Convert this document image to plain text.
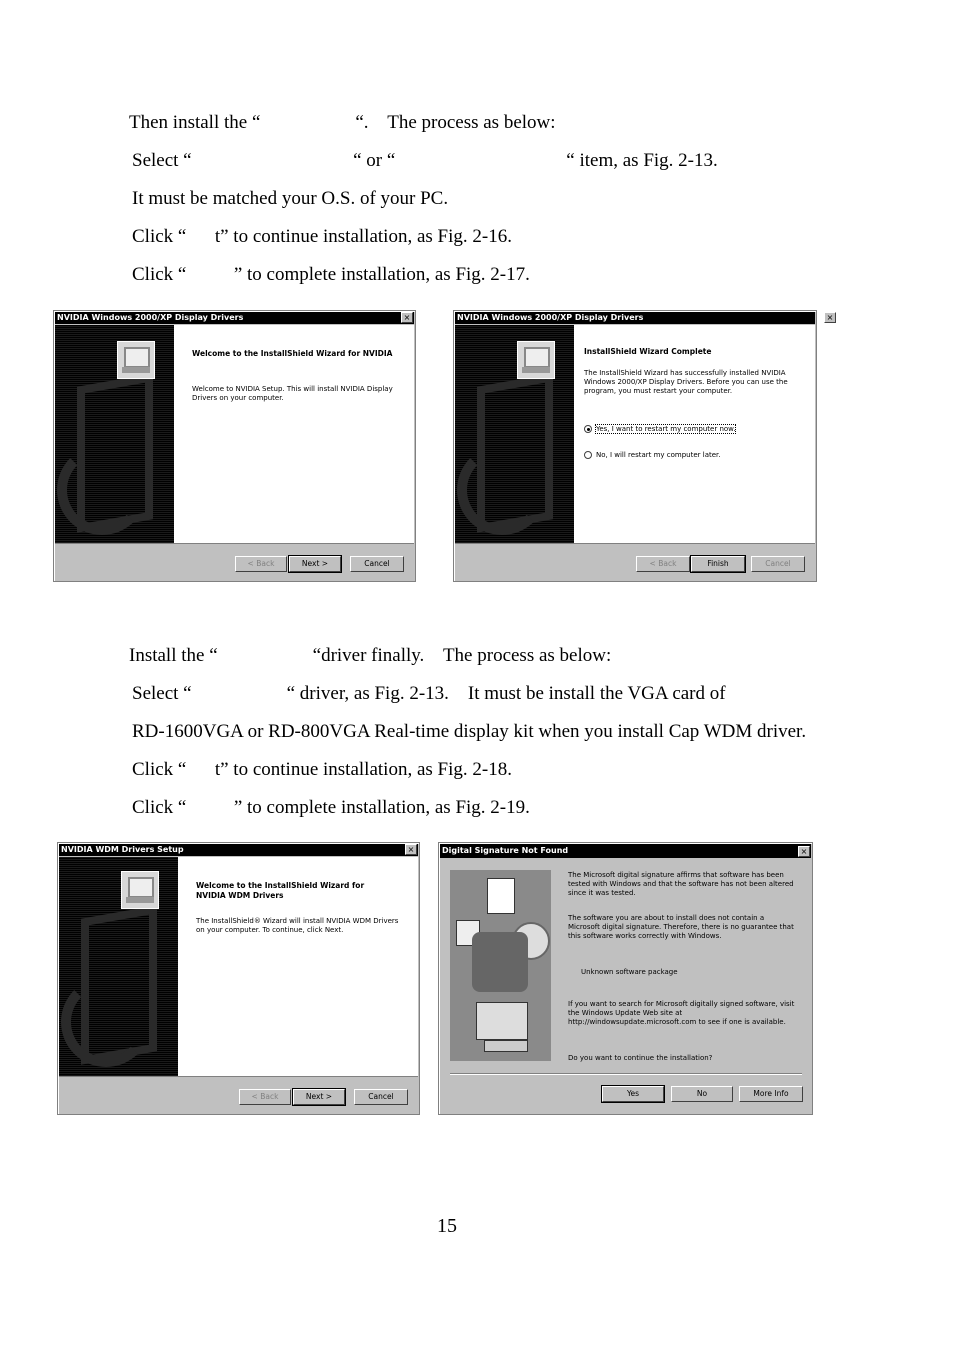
Then install the “                    “.    The process as below:
Select “                                  “ or “                                    “ item, as Fig. 2-13.
It must be matched your O.S. of your PC.
Click “      t” to continue installation, as Fig. 2-16.
Click “          ” to complete installation, as Fig. 2-17.
NVIDIA Windows 2000/XP Display Drivers	×
Welcome to the InstallShield Wizard for NVIDIA
Welcome to NVIDIA Setup. This will install NVIDIA Display Drivers on your computer.
< Back	Next >	Cancel
NVIDIA Windows 2000/XP Display Drivers	×
InstallShield Wizard Complete
The InstallShield Wizard has successfully installed NVIDIA Windows 2000/XP Display Drivers. Before you can use the program, you must restart your computer.
Yes, I want to restart my computer now.
No, I will restart my computer later.
< Back	Finish	Cancel
Install the “                    “driver finally.    The process as below:
Select “                    “ driver, as Fig. 2-13.    It must be install the VGA card of
RD-1600VGA or RD-800VGA Real-time display kit when you install Cap WDM driver.
Click “      t” to continue installation, as Fig. 2-18.
Click “          ” to complete installation, as Fig. 2-19.
NVIDIA WDM Drivers Setup	×
Welcome to the InstallShield Wizard for NVIDIA WDM Drivers
The InstallShield® Wizard will install NVIDIA WDM Drivers on your computer. To continue, click Next.
< Back	Next >	Cancel
Digital Signature Not Found	×
The Microsoft digital signature affirms that software has been tested with Windows and that the software has not been altered since it was tested.
The software you are about to install does not contain a Microsoft digital signature. Therefore, there is no guarantee that this software works correctly with Windows.
Unknown software package
If you want to search for Microsoft digitally signed software, visit the Windows Update Web site at http://windowsupdate.microsoft.com to see if one is available.
Do you want to continue the installation?
Yes	No	More Info
15
